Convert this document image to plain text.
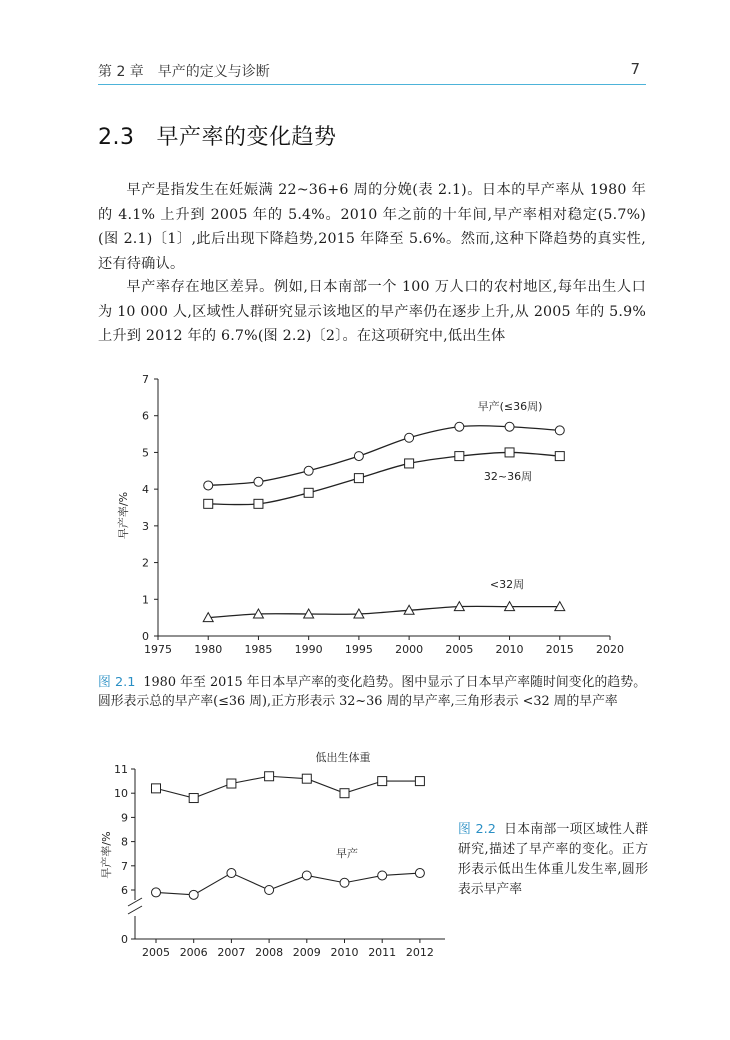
第 2 章　早产的定义与诊断	7
2.3 早产率的变化趋势
早产是指发生在妊娠满 22~36+6 周的分娩(表 2.1)。日本的早产率从 1980 年的 4.1% 上升到 2005 年的 5.4%。2010 年之前的十年间,早产率相对稳定(5.7%)(图 2.1)〔1〕,此后出现下降趋势,2015 年降至 5.6%。然而,这种下降趋势的真实性,还有待确认。
早产率存在地区差异。例如,日本南部一个 100 万人口的农村地区,每年出生人口为 10 000 人,区域性人群研究显示该地区的早产率仍在逐步上升,从 2005 年的 5.9% 上升到 2012 年的 6.7%(图 2.2)〔2〕。在这项研究中,低出生体
0
1
2
3
4
5
6
7
1975 1980 1985 1990 1995 2000 2005 2010 2015 2020
早产率/%
早产(≤36周)
32~36周
<32周
0
6
7
8
9
10
11
2005 2006 2007 2008 2009 2010 2011 2012
早产率/%
低出生体重
早产
图 2.1 1980 年至 2015 年日本早产率的变化趋势。图中显示了日本早产率随时间变化的趋势。圆形表示总的早产率(≤36 周),正方形表示 32~36 周的早产率,三角形表示 <32 周的早产率
图 2.2 日本南部一项区域性人群研究,描述了早产率的变化。正方形表示低出生体重儿发生率,圆形表示早产率
